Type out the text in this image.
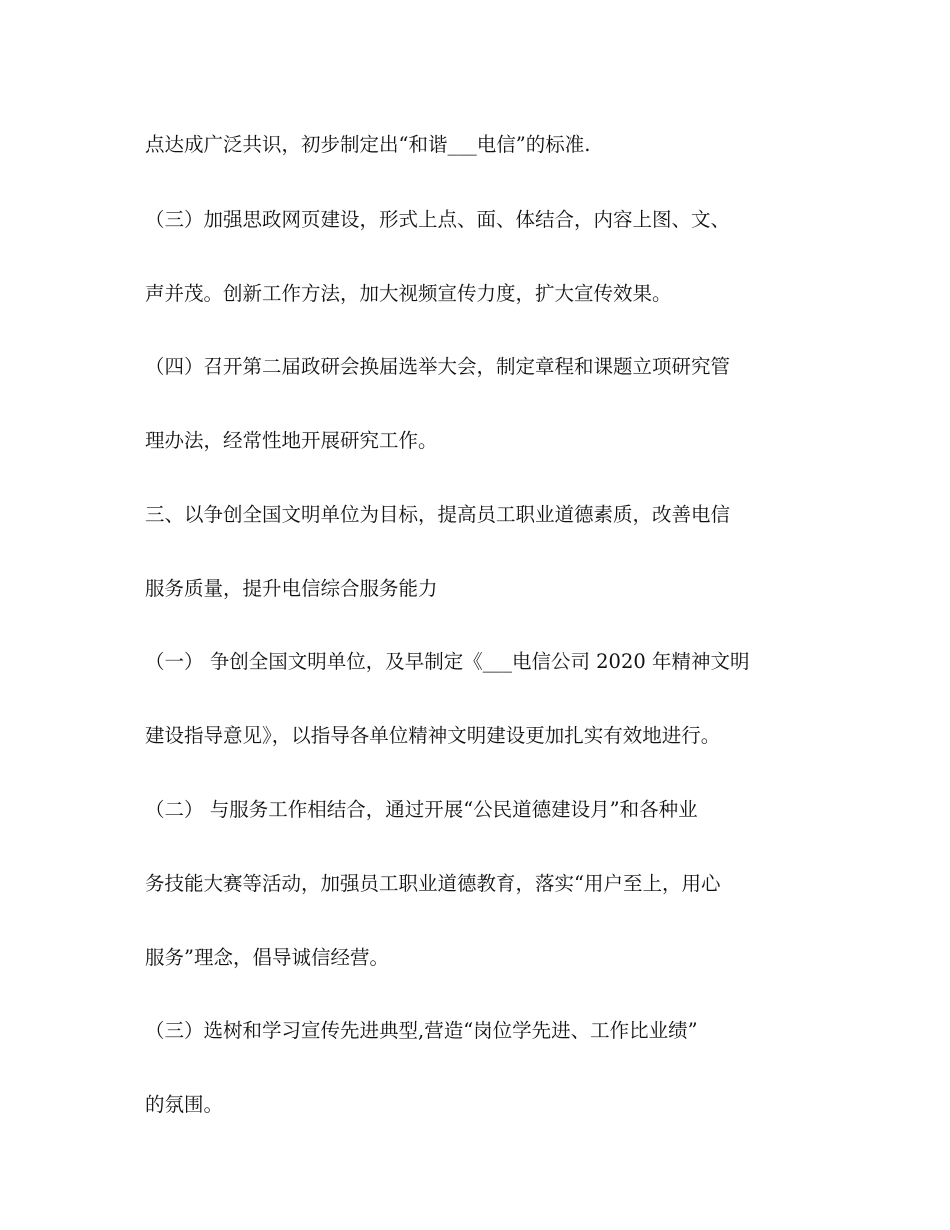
点达成广泛共识，初步制定出“和谐___电信”的标准.
（三）加强思政网页建设，形式上点、面、体结合，内容上图、文、
声并茂。创新工作方法，加大视频宣传力度，扩大宣传效果。
（四）召开第二届政研会换届选举大会，制定章程和课题立项研究管
理办法，经常性地开展研究工作。
三、以争创全国文明单位为目标，提高员工职业道德素质，改善电信
服务质量，提升电信综合服务能力
（一） 争创全国文明单位，及早制定《___电信公司 2020 年精神文明
建设指导意见》，以指导各单位精神文明建设更加扎实有效地进行。
（二） 与服务工作相结合，通过开展“公民道德建设月”和各种业
务技能大赛等活动，加强员工职业道德教育，落实“用户至上，用心
服务”理念，倡导诚信经营。
（三）选树和学习宣传先进典型,营造“岗位学先进、工作比业绩”
的氛围。
